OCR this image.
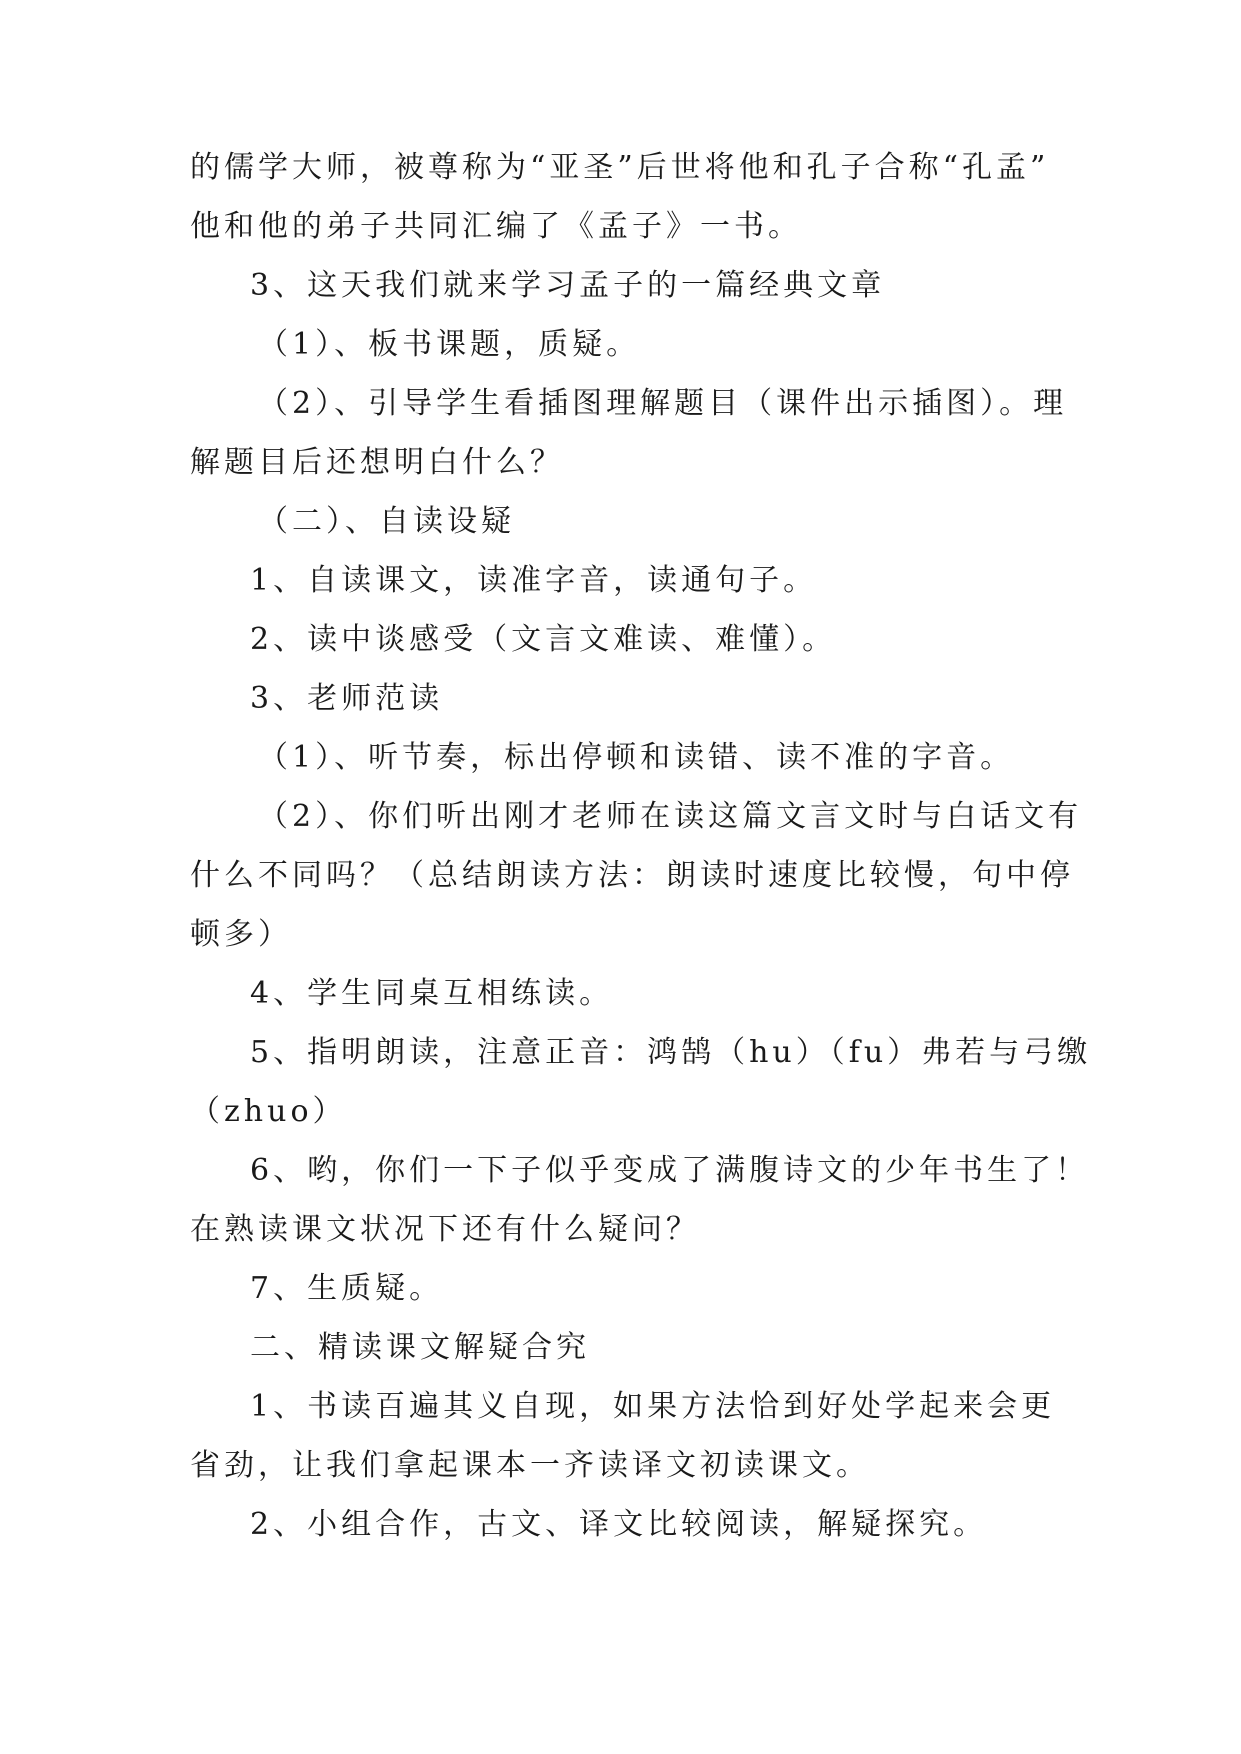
的儒学大师，被尊称为“亚圣”后世将他和孔子合称“孔孟”
他和他的弟子共同汇编了《孟子》一书。
3、这天我们就来学习孟子的一篇经典文章
（1）、板书课题，质疑。
（2）、引导学生看插图理解题目（课件出示插图）。理
解题目后还想明白什么？
（二）、自读设疑
1、自读课文，读准字音，读通句子。
2、读中谈感受（文言文难读、难懂）。
3、老师范读
（1）、听节奏，标出停顿和读错、读不准的字音。
（2）、你们听出刚才老师在读这篇文言文时与白话文有
什么不同吗？（总结朗读方法：朗读时速度比较慢，句中停
顿多）
4、学生同桌互相练读。
5、指明朗读，注意正音：鸿鹄（hu）（fu）弗若与弓缴
（zhuo）
6、哟，你们一下子似乎变成了满腹诗文的少年书生了！
在熟读课文状况下还有什么疑问？
7、生质疑。
二、精读课文解疑合究
1、书读百遍其义自现，如果方法恰到好处学起来会更
省劲，让我们拿起课本一齐读译文初读课文。
2、小组合作，古文、译文比较阅读，解疑探究。
